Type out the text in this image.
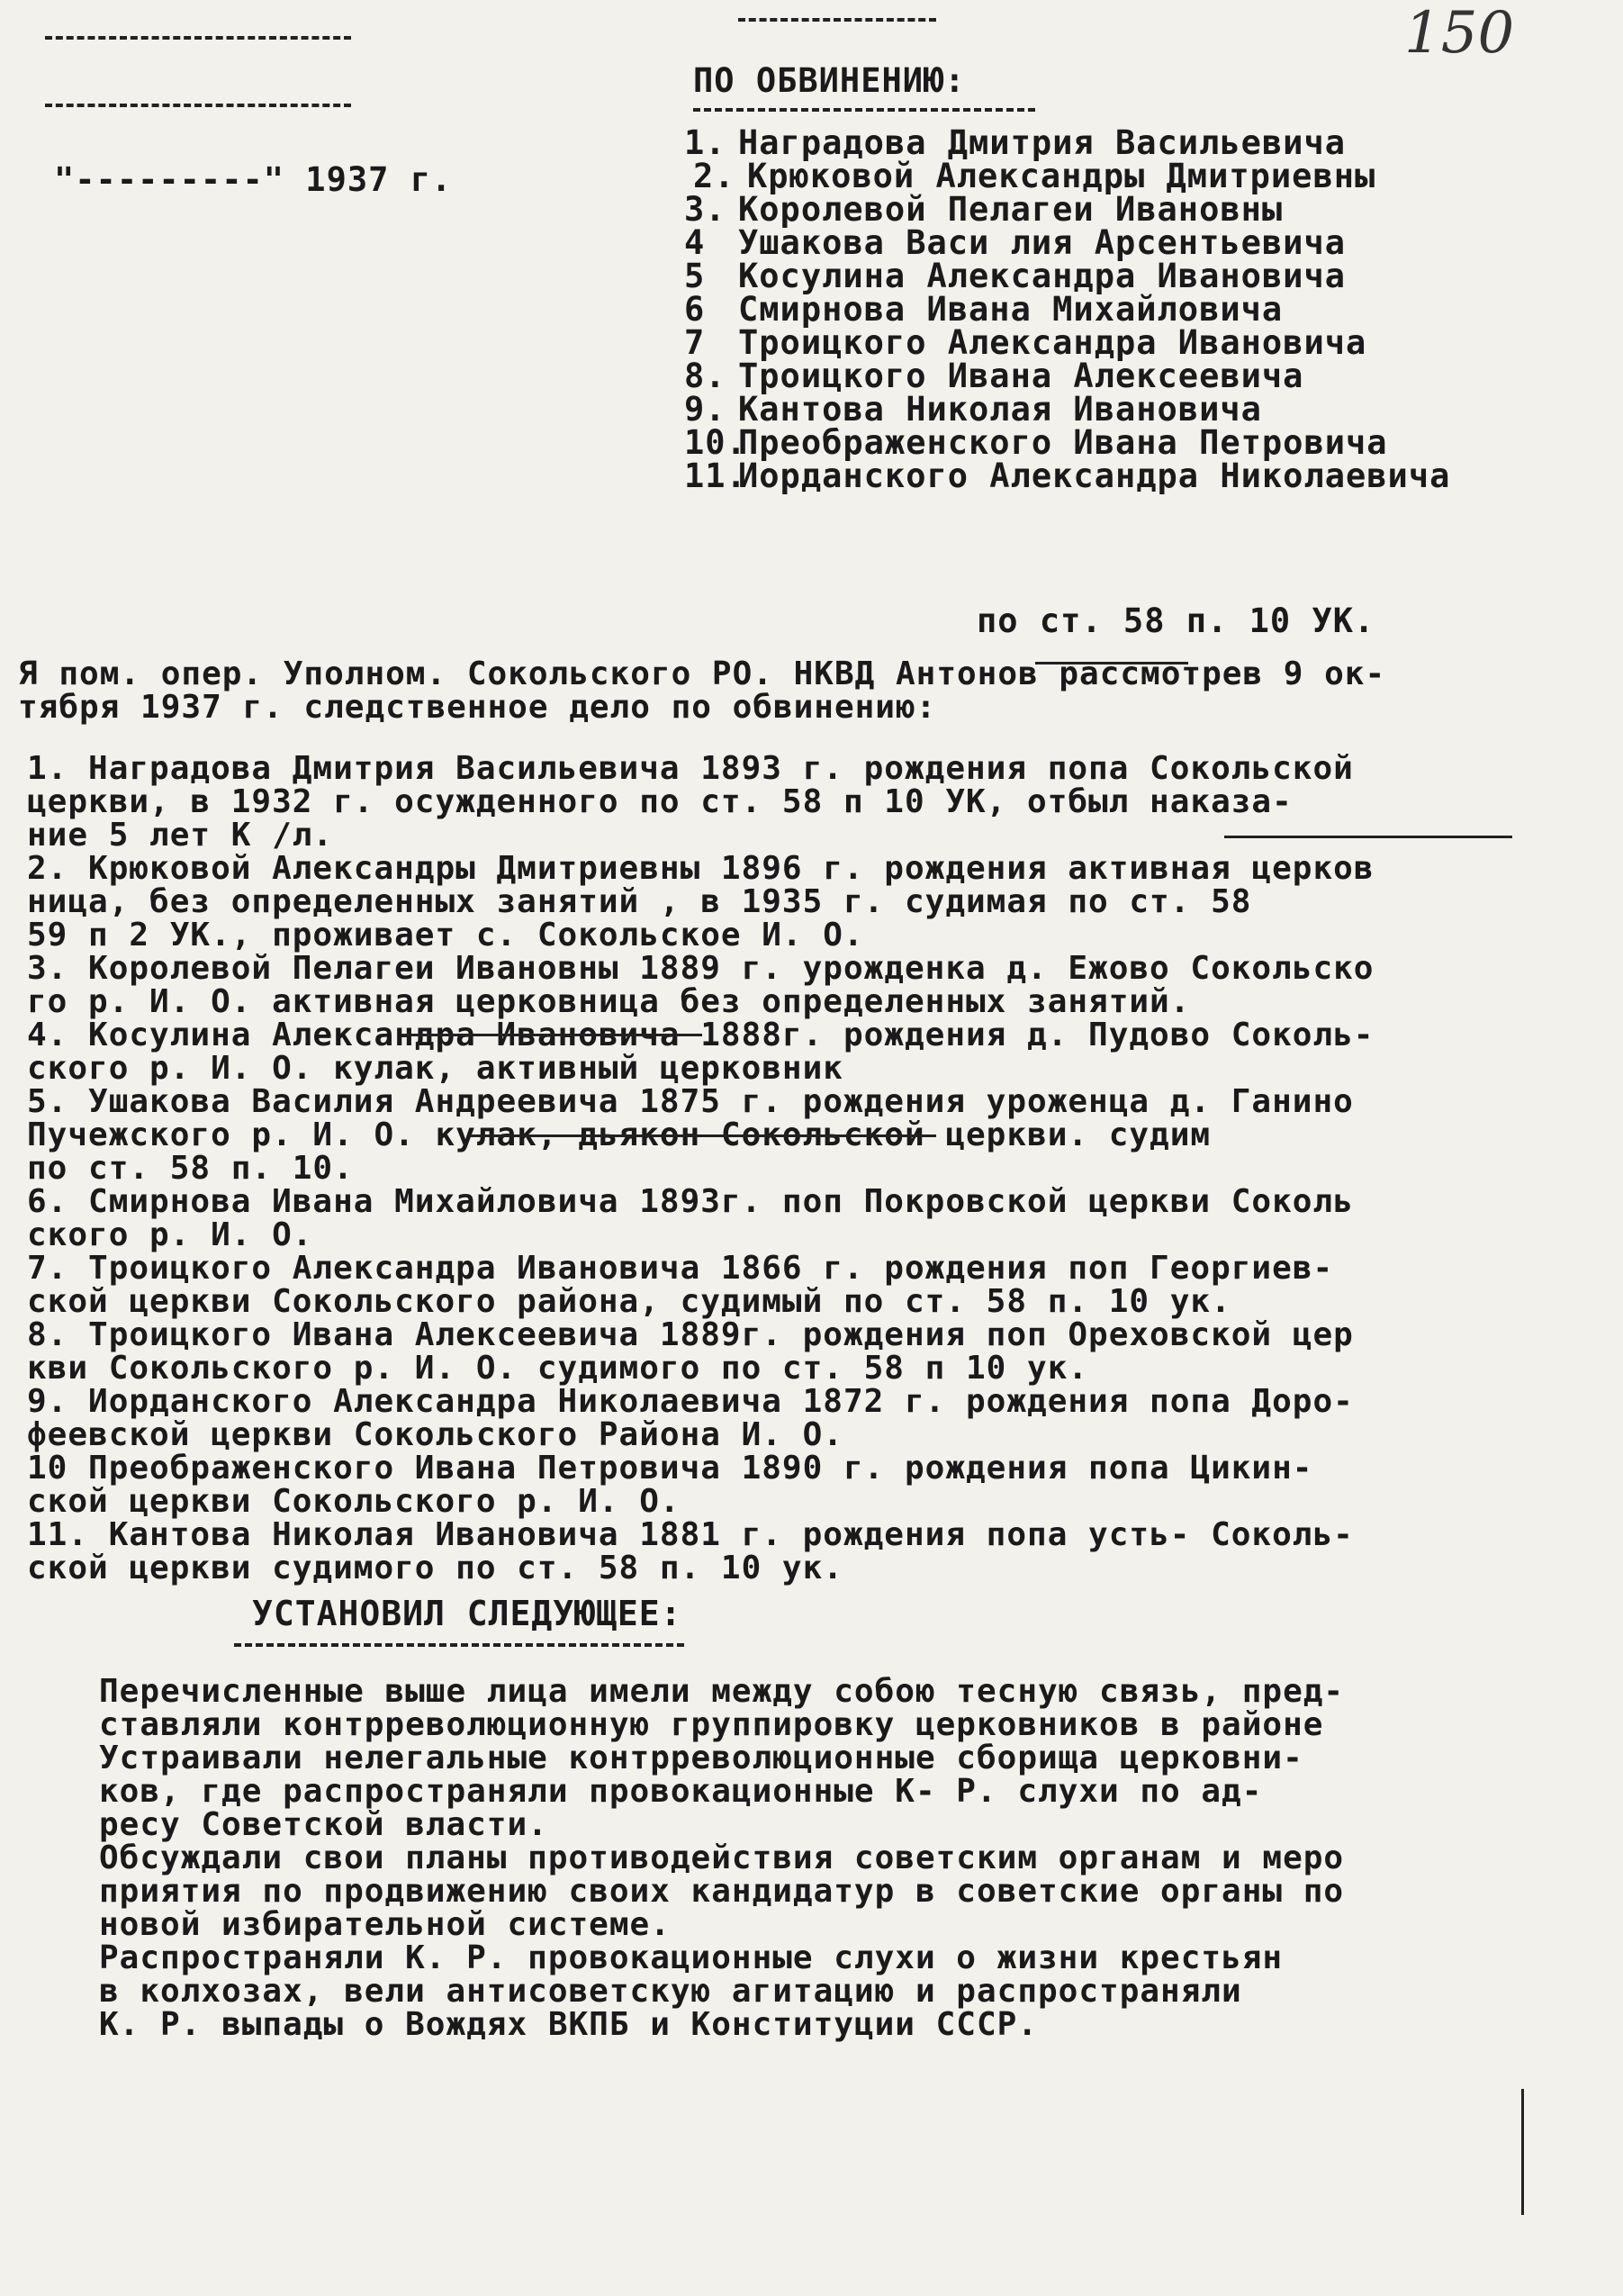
150
ПО ОБВИНЕНИЮ:
"---------" 1937 г.
1. Наградова Дмитрия Васильевича
2. Крюковой Александры Дмитриевны
3. Королевой Пелагеи Ивановны
4 Ушакова Васи лия Арсентьевича
5 Косулина Александра Ивановича
6 Смирнова Ивана Михайловича
7 Троицкого Александра Ивановича
8. Троицкого Ивана Алексеевича
9. Кантова Николая Ивановича
10.Преображенского Ивана Петровича
11.Иорданского Александра Николаевича
по ст. 58 п. 10 УК.
Я пом. опер. Уполном. Сокольского РО. НКВД Антонов рассмотрев 9 ок-
тября 1937 г. следственное дело по обвинению:
1. Наградова Дмитрия Васильевича 1893 г. рождения попа Сокольской
церкви, в 1932 г. осужденного по ст. 58 п 10 УК, отбыл наказа-
ние 5 лет К /л.
2. Крюковой Александры Дмитриевны 1896 г. рождения активная церков
ница, без определенных занятий , в 1935 г. судимая по ст. 58
59 п 2 УК., проживает с. Сокольское И. О.
3. Королевой Пелагеи Ивановны 1889 г. урожденка д. Ежово Сокольско
го р. И. О. активная церковница без определенных занятий.
4. Косулина Александра Ивановича 1888г. рождения д. Пудово Соколь-
ского р. И. О. кулак, активный церковник
5. Ушакова Василия Андреевича 1875 г. рождения уроженца д. Ганино
Пучежского р. И. О. кулак, дьякон Сокольской церкви. судим
по ст. 58 п. 10.
6. Смирнова Ивана Михайловича 1893г. поп Покровской церкви Соколь
ского р. И. О.
7. Троицкого Александра Ивановича 1866 г. рождения поп Георгиев-
ской церкви Сокольского района, судимый по ст. 58 п. 10 ук.
8. Троицкого Ивана Алексеевича 1889г. рождения поп Ореховской цер
кви Сокольского р. И. О. судимого по ст. 58 п 10 ук.
9. Иорданского Александра Николаевича 1872 г. рождения попа Доро-
феевской церкви Сокольского Района И. О.
10 Преображенского Ивана Петровича 1890 г. рождения попа Цикин-
ской церкви Сокольского р. И. О.
11. Кантова Николая Ивановича 1881 г. рождения попа усть- Соколь-
ской церкви судимого по ст. 58 п. 10 ук.
УСТАНОВИЛ СЛЕДУЮЩЕЕ:
Перечисленные выше лица имели между собою тесную связь, пред-
ставляли контрреволюционную группировку церковников в районе
Устраивали нелегальные контрреволюционные сборища церковни-
ков, где распространяли провокационные К- Р. слухи по ад-
ресу Советской власти.
Обсуждали свои планы противодействия советским органам и меро
приятия по продвижению своих кандидатур в советские органы по
новой избирательной системе.
Распространяли К. Р. провокационные слухи о жизни крестьян
в колхозах, вели антисоветскую агитацию и распространяли
К. Р. выпады о Вождях ВКПБ и Конституции СССР.
